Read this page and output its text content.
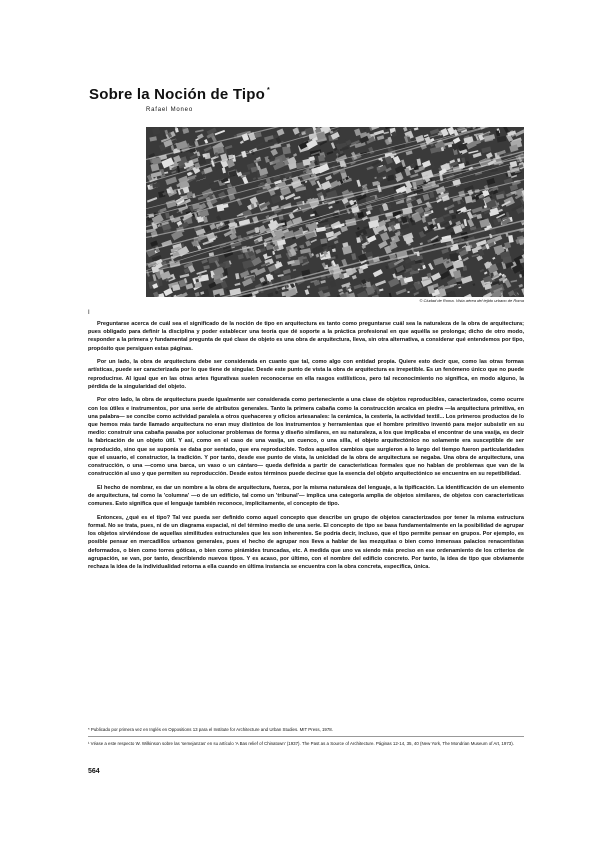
Sobre la Noción de Tipo *

Rafael Moneo

© Ciudad de Roma. Vista aérea del tejido urbano de Roma

I

Preguntarse acerca de cuál sea el significado de la noción de tipo en arquitectura es tanto como preguntarse cuál sea la naturaleza de la obra de arquitectura; pues obligado para definir la disciplina y poder establecer una teoría que dé soporte a la práctica profesional en que aquélla se prolonga; dicho de otro modo, responder a la primera y fundamental pregunta de qué clase de objeto es una obra de arquitectura, lleva, sin otra alternativa, a considerar qué entendemos por tipo, propósito que persiguen estas páginas.

Por un lado, la obra de arquitectura debe ser considerada en cuanto que tal, como algo con entidad propia. Quiere esto decir que, como las otras formas artísticas, puede ser caracterizada por lo que tiene de singular. Desde este punto de vista la obra de arquitectura es irrepetible. Es un fenómeno único que no puede reproducirse. Al igual que en las otras artes figurativas suelen reconocerse en ella rasgos estilísticos, pero tal reconocimiento no significa, en modo alguno, la pérdida de la singularidad del objeto.

Por otro lado, la obra de arquitectura puede igualmente ser considerada como perteneciente a una clase de objetos reproducibles, caracterizados, como ocurre con los útiles e instrumentos, por una serie de atributos generales. Tanto la primera cabaña como la construcción arcaica en piedra —la arquitectura primitiva, en una palabra— se concibe como actividad paralela a otros quehaceres y oficios artesanales: la cerámica, la cestería, la actividad textil... Los primeros productos de lo que hemos más tarde llamado arquitectura no eran muy distintos de los instrumentos y herramientas que el hombre primitivo inventó para mejor subsistir en su medio: construir una cabaña pasaba por solucionar problemas de forma y diseño similares, en su naturaleza, a los que implicaba el encontrar de una vasija, es decir la fabricación de un objeto útil. Y así, como en el caso de una vasija, un cuenco, o una silla, el objeto arquitectónico no solamente era susceptible de ser reproducido, sino que se suponía se daba por sentado, que era reproducible. Todos aquellos cambios que surgieron a lo largo del tiempo fueron particularidades que el usuario, el constructor, la tradición. Y por tanto, desde ese punto de vista, la unicidad de la obra de arquitectura se negaba. Una obra de arquitectura, una construcción, o una —como una barca, un vaso o un cántaro— queda definida a partir de características formales que no hablan de problemas que van de la construcción al uso y que permiten su reproducción. Desde estos términos puede decirse que la esencia del objeto arquitectónico se encuentra en su repetibilidad.

El hecho de nombrar, es dar un nombre a la obra de arquitectura, fuerza, por la misma naturaleza del lenguaje, a la tipificación. La identificación de un elemento de arquitectura, tal como la 'columna' —o de un edificio, tal como un 'tribunal'— implica una categoría amplia de objetos similares, de objetos con características comunes. Esto significa que el lenguaje también reconoce, implícitamente, el concepto de tipo.

Entonces, ¿qué es el tipo? Tal vez pueda ser definido como aquel concepto que describe un grupo de objetos caracterizados por tener la misma estructura formal. No se trata, pues, ni de un diagrama espacial, ni del término medio de una serie. El concepto de tipo se basa fundamentalmente en la posibilidad de agrupar los objetos sirviéndose de aquellas similitudes estructurales que les son inherentes. Se podría decir, incluso, que el tipo permite pensar en grupos. Por ejemplo, es posible pensar en mercadillos urbanos generales, pues el hecho de agrupar nos lleva a hablar de las mezquitas o bien como inmensas palacios renacentistas deformados, o bien como torres góticas, o bien como pirámides truncadas, etc. A medida que uno va siendo más preciso en ese ordenamiento de los criterios de agrupación, se van, por tanto, describiendo nuevos tipos. Y es acaso, por último, con el nombre del edificio concreto. Por tanto, la idea de tipo que obviamente rechaza la idea de la individualidad retorna a ella cuando en última instancia se encuentra con la obra concreta, específica, única.

* Publicado por primera vez en Inglés en Oppositions 13 para el Institute for Architecture and Urban Studies. MIT Press, 1978.

¹ Véase a este respecto W. Wilkinson sobre las 'semejanzas' en su artículo 'A Bas relief of Chinatown' (1937). The Past as a Source of Architecture. Páginas 12-14, 35, 40 (New York, The Mondrian Museum of Art, 1973).

564
